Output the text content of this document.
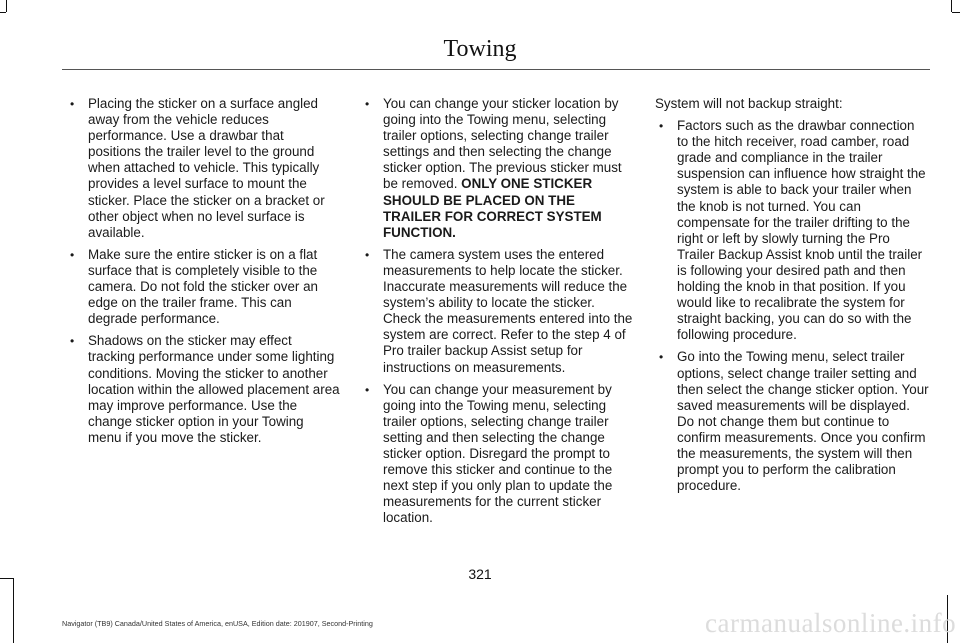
Towing
• Placing the sticker on a surface angled away from the vehicle reduces performance. Use a drawbar that positions the trailer level to the ground when attached to vehicle. This typically provides a level surface to mount the sticker. Place the sticker on a bracket or other object when no level surface is available.
• Make sure the entire sticker is on a flat surface that is completely visible to the camera. Do not fold the sticker over an edge on the trailer frame. This can degrade performance.
• Shadows on the sticker may effect tracking performance under some lighting conditions. Moving the sticker to another location within the allowed placement area may improve performance. Use the change sticker option in your Towing menu if you move the sticker.
• You can change your sticker location by going into the Towing menu, selecting trailer options, selecting change trailer settings and then selecting the change sticker option. The previous sticker must be removed. ONLY ONE STICKER SHOULD BE PLACED ON THE TRAILER FOR CORRECT SYSTEM FUNCTION.
• The camera system uses the entered measurements to help locate the sticker. Inaccurate measurements will reduce the system’s ability to locate the sticker. Check the measurements entered into the system are correct. Refer to the step 4 of Pro trailer backup Assist setup for instructions on measurements.
• You can change your measurement by going into the Towing menu, selecting trailer options, selecting change trailer setting and then selecting the change sticker option. Disregard the prompt to remove this sticker and continue to the next step if you only plan to update the measurements for the current sticker location.

System will not backup straight:

• Factors such as the drawbar connection to the hitch receiver, road camber, road grade and compliance in the trailer suspension can influence how straight the system is able to back your trailer when the knob is not turned. You can compensate for the trailer drifting to the right or left by slowly turning the Pro Trailer Backup Assist knob until the trailer is following your desired path and then holding the knob in that position. If you would like to recalibrate the system for straight backing, you can do so with the following procedure.
• Go into the Towing menu, select trailer options, select change trailer setting and then select the change sticker option. Your saved measurements will be displayed. Do not change them but continue to confirm measurements. Once you confirm the measurements, the system will then prompt you to perform the calibration procedure.
321
Navigator (TB9) Canada/United States of America, enUSA, Edition date: 201907, Second-Printing	carmanualsonline.info
